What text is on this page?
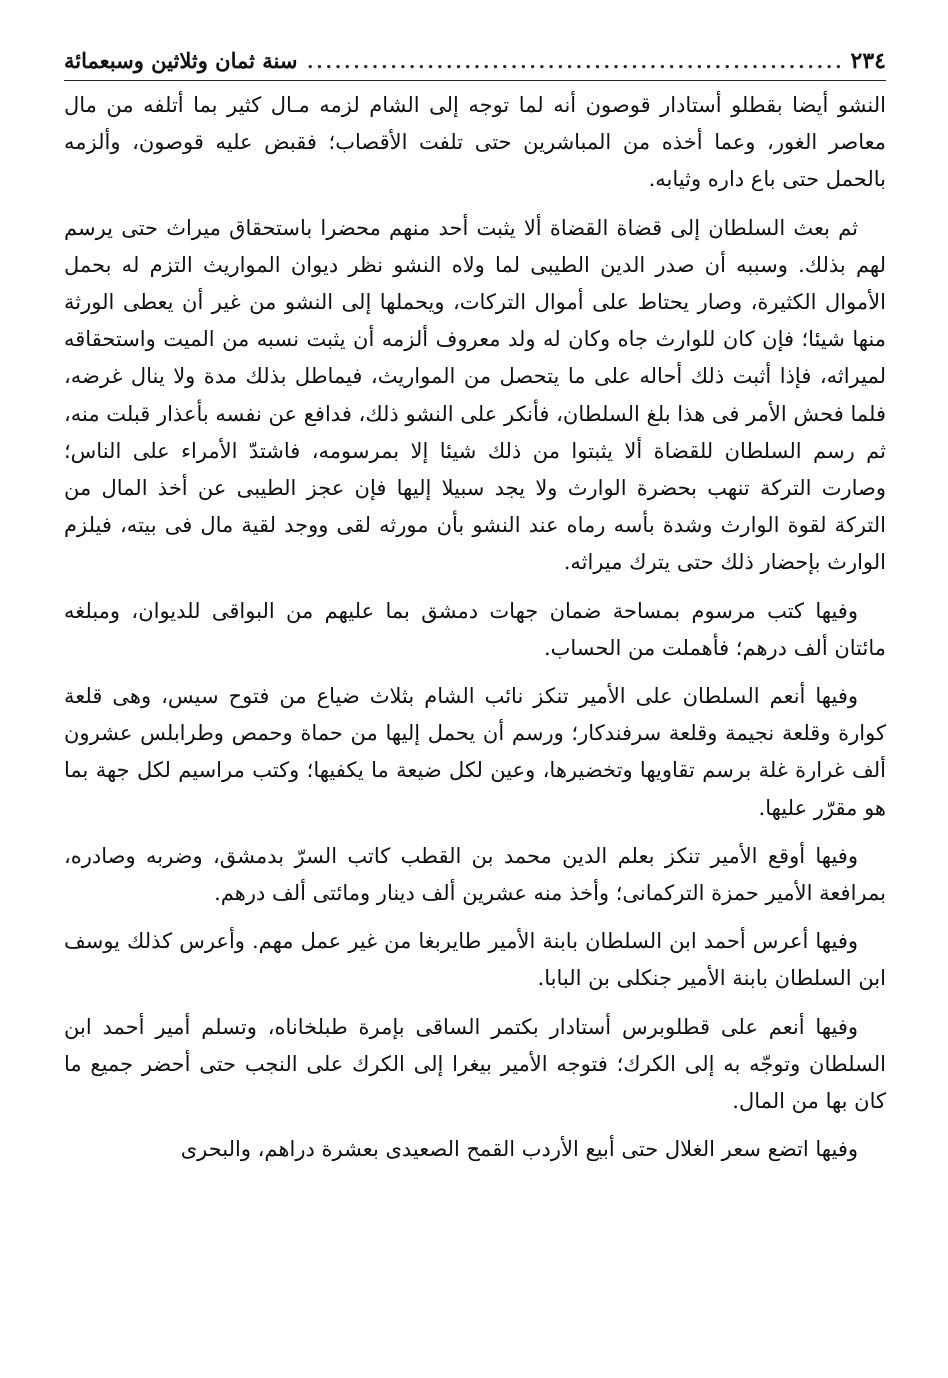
٢٣٤
.....
سنة ثمان وثلاثين وسبعمائة

النشو أيضا بقطلو أستادار قوصون أنه لما توجه إلى الشام لزمه مـال كثير بما أتلفه من مال معاصر الغور، وعما أخذه من المباشرين حتى تلفت الأقصاب؛ فقبض عليه قوصون، وألزمه بالحمل حتى باع داره وثيابه.

ثم بعث السلطان إلى قضاة القضاة ألا يثبت أحد منهم محضرا باستحقاق ميراث حتى يرسم لهم بذلك. وسببه أن صدر الدين الطيبى لما ولاه النشو نظر ديوان المواريث التزم له بحمل الأموال الكثيرة، وصار يحتاط على أموال التركات، ويحملها إلى النشو من غير أن يعطى الورثة منها شيئا؛ فإن كان للوارث جاه وكان له ولد معروف ألزمه أن يثبت نسبه من الميت واستحقاقه لميراثه، فإذا أثبت ذلك أحاله على ما يتحصل من المواريث، فيماطل بذلك مدة ولا ينال غرضه، فلما فحش الأمر فى هذا بلغ السلطان، فأنكر على النشو ذلك، فدافع عن نفسه بأعذار قبلت منه، ثم رسم السلطان للقضاة ألا يثبتوا من ذلك شيئا إلا بمرسومه، فاشتدّ الأمراء على الناس؛ وصارت التركة تنهب بحضرة الوارث ولا يجد سبيلا إليها فإن عجز الطيبى عن أخذ المال من التركة لقوة الوارث وشدة بأسه رماه عند النشو بأن مورثه لقى ووجد لقية مال فى بيته، فيلزم الوارث بإحضار ذلك حتى يترك ميراثه.

وفيها كتب مرسوم بمساحة ضمان جهات دمشق بما عليهم من البواقى للديوان، ومبلغه مائتان ألف درهم؛ فأهملت من الحساب.

وفيها أنعم السلطان على الأمير تنكز نائب الشام بثلاث ضياع من فتوح سيس، وهى قلعة كوارة وقلعة نجيمة وقلعة سرفندكار؛ ورسم أن يحمل إليها من حماة وحمص وطرابلس عشرون ألف غرارة غلة برسم تقاويها وتخضيرها، وعين لكل ضيعة ما يكفيها؛ وكتب مراسيم لكل جهة بما هو مقرّر عليها.

وفيها أوقع الأمير تنكز بعلم الدين محمد بن القطب كاتب السرّ بدمشق، وضربه وصادره، بمرافعة الأمير حمزة التركمانى؛ وأخذ منه عشرين ألف دينار ومائتى ألف درهم.

وفيها أعرس أحمد ابن السلطان بابنة الأمير طايربغا من غير عمل مهم. وأعرس كذلك يوسف ابن السلطان بابنة الأمير جنكلى بن البابا.

وفيها أنعم على قطلوبرس أستادار بكتمر الساقى بإمرة طبلخاناه، وتسلم أمير أحمد ابن السلطان وتوجّه به إلى الكرك؛ فتوجه الأمير بيغرا إلى الكرك على النجب حتى أحضر جميع ما كان بها من المال.

وفيها اتضع سعر الغلال حتى أبيع الأردب القمح الصعيدى بعشرة دراهم، والبحرى
